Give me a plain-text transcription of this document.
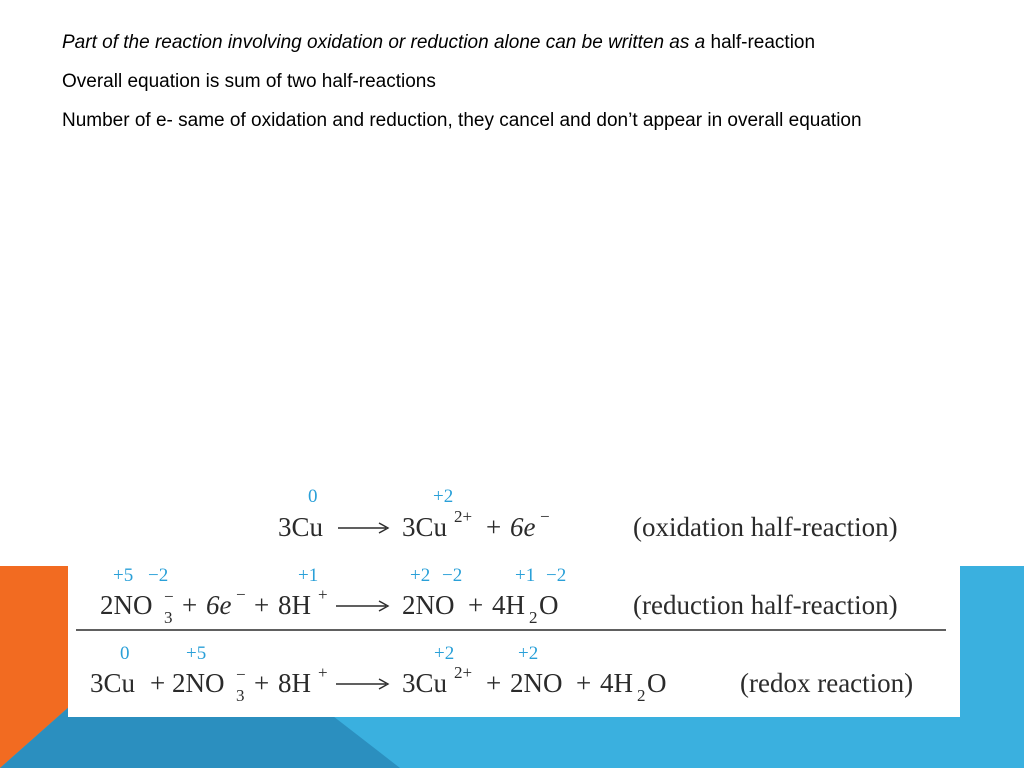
Part of the reaction involving oxidation or reduction alone can be written as a half-reaction

Overall equation is sum of two half-reactions

Number of e- same of oxidation and reduction, they cancel and don’t appear in overall equation

0	+2
3Cu	3Cu 2+ + 6e −	(oxidation half-reaction)
+5 −2	+1	+2 −2	+1 −2
2NO 3
− + 6e − + 8H +	2NO + 4H 2 O	(reduction half-reaction)
0	+5	+2	+2
3Cu + 2NO 3
− + 8H +	3Cu 2+ + 2NO + 4H 2 O	(redox reaction)
